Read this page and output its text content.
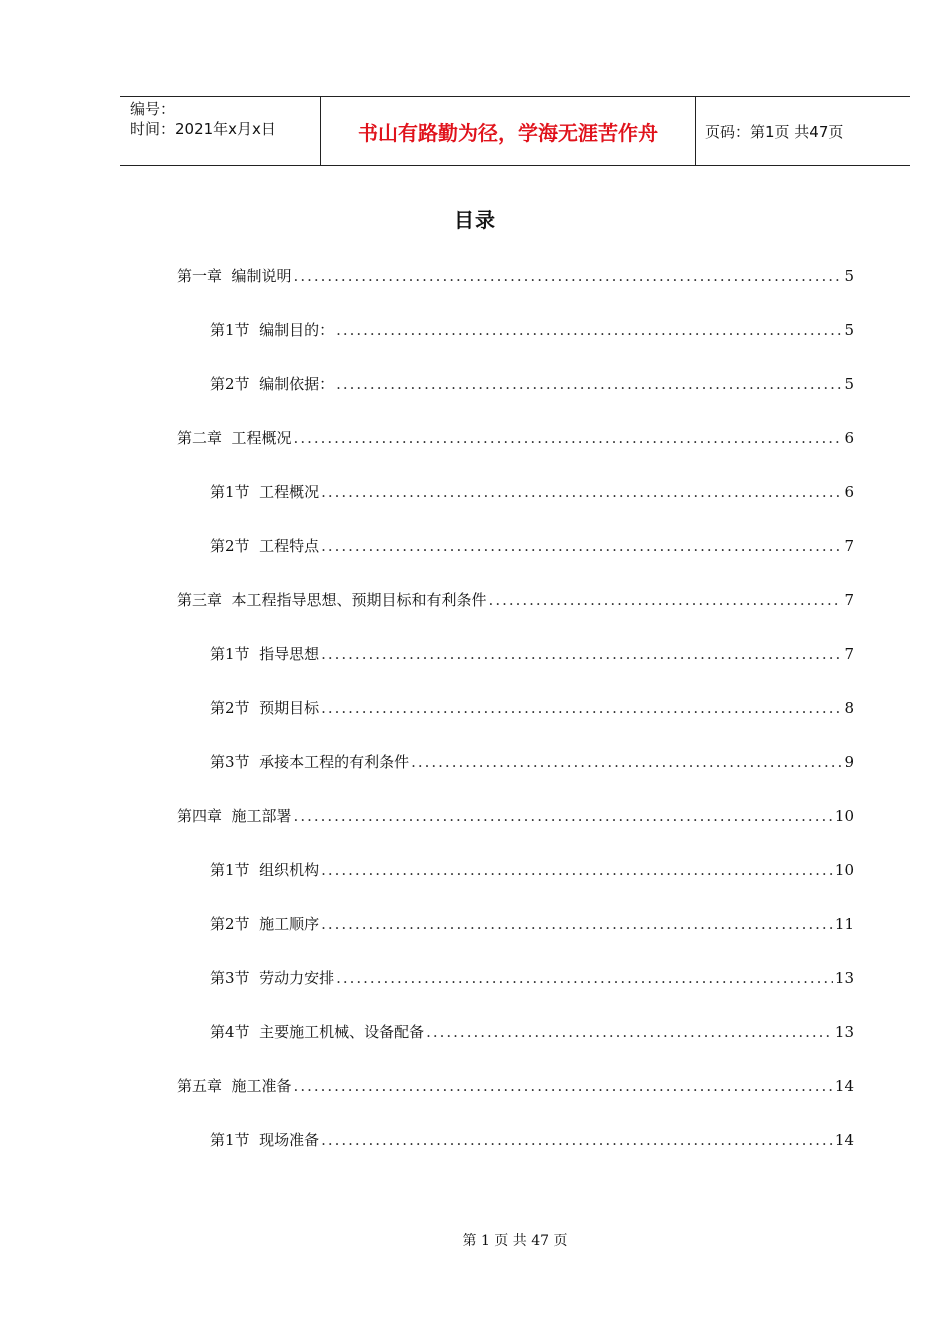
编号：
时间：2021年x月x日	书山有路勤为径，学海无涯苦作舟	页码：第1页 共47页
目录
第一章  编制说明 .....	5
第1节  编制目的： .....	5
第2节  编制依据： .....	5
第二章  工程概况 .....	6
第1节  工程概况 .....	6
第2节  工程特点 .....	7
第三章  本工程指导思想、预期目标和有利条件 .....	7
第1节  指导思想 .....	7
第2节  预期目标 .....	8
第3节  承接本工程的有利条件 .....	9
第四章  施工部署 .....	10
第1节  组织机构 .....	10
第2节  施工顺序 .....	11
第3节  劳动力安排 .....	13
第4节  主要施工机械、设备配备 .....	13
第五章  施工准备 .....	14
第1节  现场准备 .....	14
第 1 页 共 47 页
